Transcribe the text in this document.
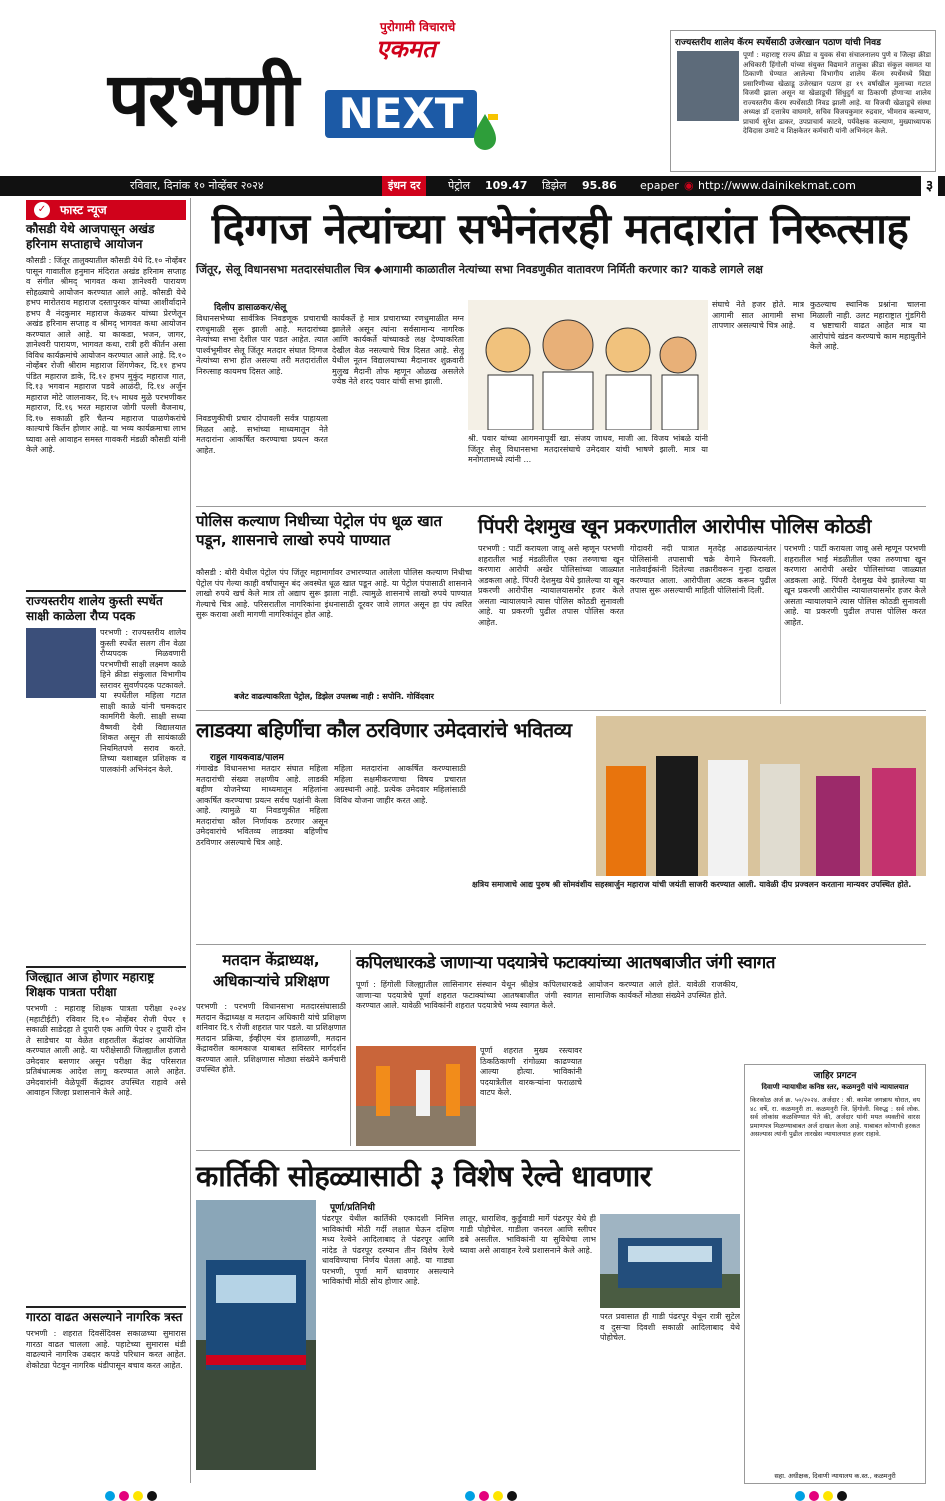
पुरोगामी विचाराचे
एकमत
परभणी NEXT
रविवार, दिनांक १० नोव्हेंबर २०२४	इंधन दर	पेट्रोल 109.47 डिझेल 95.86 epaper ◉ http://www.dainikekmat.com	३
राज्यस्तरीय शालेय कॅरम स्पर्धेसाठी उजेरखान पठाण यांची निवड
पूर्णा : महाराष्ट्र राज्य क्रीडा व युवक सेवा संचालनालय पुणे व जिल्हा क्रीडा अधिकारी हिंगोली यांच्या संयुक्त विद्यमाने तालुका क्रीडा संकुल वसमत या ठिकाणी घेण्यात आलेल्या विभागीय शालेय कॅरम स्पर्धेमध्ये विद्या प्रसारिणीच्या खेळाडू उजेरखान पठाण हा १९ वर्षाखील मुलाच्या गटात विजयी झाला असून या खेळाडूची सिंधुदुर्ग या ठिकाणी होणाऱ्या शालेय राज्यस्तरीय कॅरम स्पर्धेसाठी निवड झाली आहे. या विजयी खेळाडूचे संस्था अध्यक्ष डॉ दत्तात्रेय वाघमारे, सचिव विजयकुमार रुद्रवार, भीमराव कल्याण, प्राचार्य सुरेश ढाकर, उपप्राचार्य काटवे, पर्यवेक्षक कल्याण, मुख्याध्यापक देविदास उमाटे व शिक्षकेतर कर्मचारी यांनी अभिनंदन केले.
✓	फास्ट न्यूज
कौसडी येथे आजपासून अखंड हरिनाम सप्ताहाचे आयोजन
कौसडी : जिंतूर तालुक्यातील कौसडी येथे दि.१० नोव्हेंबर पासून गावातील हनुमान मंदिरात अखंड हरिनाम सप्ताह व संगीत श्रीमद् भागवत कथा ज्ञानेश्वरी पारायण सोहळ्याचे आयोजन करण्यात आले आहे. कौसडी येथे हभप मारोतराव महाराज दस्तापुरकर यांच्या आशीर्वादाने हभप वै नंदकुमार महाराज केळकर यांच्या प्रेरणेतून अखंड हरिनाम सप्ताह व श्रीमद् भागवत कथा आयोजन करण्यात आले आहे. या काकडा, भजन, जागर, ज्ञानेश्वरी पारायण, भागवत कथा, रात्री हरी कीर्तन असा विविध कार्यक्रमांचे आयोजन करण्यात आले आहे. दि.१० नोव्हेंबर रोजी श्रीराम महाराज शिंगणेकर, दि.११ हभप पंडित महाराज डाके, दि.१२ हभप मुकुंद महाराज गात, दि.१३ भगवान महाराज पडवे आळंदी, दि.१४ अर्जुन महाराज मोटे जालनाकर, दि.१५ माधव मुळे परभणीकर महाराज, दि.१६ भरत महाराज जोगी पल्ली वैजनाथ, दि.१७ सकाळी हरि चैतन्य महाराज पाळणेकरांचे काल्याचे किर्तन होणार आहे. या भव्य कार्यक्रमाचा लाभ घ्यावा असे आवाहन समस्त गावकरी मंडळी कौसडी यांनी केले आहे.
राज्यस्तरीय शालेय कुस्ती स्पर्धेत साक्षी काळेला रौप्य पदक
परभणी : राज्यस्तरीय शालेय कुस्ती स्पर्धेत सलग तीन वेळा रौप्यपदक मिळवणारी परभणीची साक्षी लक्ष्मण काळे हिने क्रीडा संकुलात विभागीय स्तरावर सुवर्णपदक पटकावले. या स्पर्धेतील महिला गटात साक्षी काळे यांनी चमकदार कामगिरी केली. साक्षी सध्या वैष्णवी देवी विद्यालयात शिकत असून ती सायंकाळी नियमितपणे सराव करते. तिच्या यशाबद्दल प्रशिक्षक व पालकांनी अभिनंदन केले.
जिल्ह्यात आज होणार महाराष्ट्र शिक्षक पात्रता परीक्षा
परभणी : महाराष्ट्र शिक्षक पात्रता परीक्षा २०२४ (महाटीईटी) रविवार दि.१० नोव्हेंबर रोजी पेपर १ सकाळी साडेदहा ते दुपारी एक आणि पेपर २ दुपारी दोन ते साडेचार या वेळेत शहरातील केंद्रांवर आयोजित करण्यात आली आहे. या परीक्षेसाठी जिल्ह्यातील हजारो उमेदवार बसणार असून परीक्षा केंद्र परिसरात प्रतिबंधात्मक आदेश लागू करण्यात आले आहेत. उमेदवारांनी वेळेपूर्वी केंद्रावर उपस्थित राहावे असे आवाहन जिल्हा प्रशासनाने केले आहे.
गारठा वाढत असल्याने नागरिक त्रस्त
परभणी : शहरात दिवसेंदिवस सकाळच्या सुमारास गारठा वाढत चालला आहे. पहाटेच्या सुमारास थंडी वाढल्याने नागरिक उबदार कपडे परिधान करत आहेत. शेकोट्या पेटवून नागरिक थंडीपासून बचाव करत आहेत.
दिग्गज नेत्यांच्या सभेनंतरही मतदारांत निरूत्साह
जिंतूर, सेलू विधानसभा मतदारसंघातील चित्र ◆आगामी काळातील नेत्यांच्या सभा निवडणुकीत वातावरण निर्मिती करणार का? याकडे लागले लक्ष
दिलीप डासाळकर/सेलू
विधानसभेच्या सार्वत्रिक निवडणूक प्रचाराची रणधुमाळी सुरू झाली आहे. मतदारांच्या नेत्यांच्या सभा देशील पार पडत आहेत. त्यात पार्श्वभूमीवर सेलू जिंतूर मतदार संघात दिग्गज नेत्यांच्या सभा होत असल्या तरी मतदारांतील निरुत्साह कायमच दिसत आहे.
निवडणुकीची प्रचार दोपावली सर्वत्र पाहायला मिळत आहे. सभांच्या माध्यमातून नेते मतदारांना आकर्षित करण्याचा प्रयत्न करत आहेत.
कार्यकर्ते हे मात्र प्रचाराच्या रणधुमाळीत मग्न झालेले असून त्यांना सर्वसामान्य नागरिक आणि कार्यकर्ते यांच्याकडे लक्ष देण्याकरिता देखील वेळ नसल्याचे चित्र दिसत आहे. सेलू येथील नूतन विद्यालयाच्या मैदानावर शुक्रवारी मुलुख मैदानी तोफ म्हणून ओळख असलेले ज्येष्ठ नेते शरद पवार यांची सभा झाली.
श्री. पवार यांच्या आगमनापूर्वी खा. संजय जाधव, माजी आ. विजय भांबळे यांनी जिंतूर सेलू विधानसभा मतदारसंघाचे उमेदवार यांची भाषणे झाली. मात्र या मनोगतामध्ये त्यांनी ...
संघाचे नेते हजर होते. मात्र आगामी सात आगामी सभा तापणार असल्याचे चित्र आहे.
कुठल्याच स्थानिक प्रश्नांना चालना मिळाली नाही. उलट महाराष्ट्रात गुंडगिरी व भ्रष्टाचारी वाढत आहेत मात्र या आरोपांचे खंडन करण्याचे काम महायुतीने केले आहे.
पोलिस कल्याण निधीच्या पेट्रोल पंप धूळ खात पडून, शासनाचे लाखो रुपये पाण्यात
कौसडी : बोरी येथील पेट्रोल पंप जिंतूर महामार्गावर उभारण्यात आलेला पोलिस कल्याण निधीचा पेट्रोल पंप गेल्या काही वर्षांपासून बंद अवस्थेत धूळ खात पडून आहे. या पेट्रोल पंपासाठी शासनाने लाखो रुपये खर्च केले मात्र तो अद्याप सुरू झाला नाही. त्यामुळे शासनाचे लाखो रुपये पाण्यात गेल्याचे चित्र आहे. परिसरातील नागरिकांना इंधनासाठी दूरवर जावे लागत असून हा पंप त्वरित सुरू करावा अशी मागणी नागरिकांतून होत आहे.
बजेट वाढल्याकरिता पेट्रोल, डिझेल उपलब्ध नाही : सपोनि. गोविंदवार
पिंपरी देशमुख खून प्रकरणातील आरोपीस पोलिस कोठडी
परभणी : पार्टी करायला जावू असे म्हणून परभणी शहरातील भाई मंडळीतील एका तरुणाचा खून करणारा आरोपी अखेर पोलिसांच्या जाळ्यात अडकला आहे. पिंपरी देशमुख येथे झालेल्या या खून प्रकरणी आरोपीस न्यायालयासमोर हजर केले असता न्यायालयाने त्यास पोलिस कोठडी सुनावली आहे. या प्रकरणी पुढील तपास पोलिस करत आहेत.
गोदावरी नदी पात्रात मृतदेह आढळल्यानंतर पोलिसांनी तपासाची चक्रे वेगाने फिरवली. नातेवाईकांनी दिलेल्या तक्रारीवरून गुन्हा दाखल करण्यात आला. आरोपीला अटक करून पुढील तपास सुरू असल्याची माहिती पोलिसांनी दिली.
परभणी : पार्टी करायला जावू असे म्हणून परभणी शहरातील भाई मंडळीतील एका तरुणाचा खून करणारा आरोपी अखेर पोलिसांच्या जाळ्यात अडकला आहे. पिंपरी देशमुख येथे झालेल्या या खून प्रकरणी आरोपीस न्यायालयासमोर हजर केले असता न्यायालयाने त्यास पोलिस कोठडी सुनावली आहे. या प्रकरणी पुढील तपास पोलिस करत आहेत.
लाडक्या बहिणींचा कौल ठरविणार उमेदवारांचे भवितव्य
राहुल गायकवाड/पालम
गंगाखेड विधानसभा मतदार संघात महिला मतदारांची संख्या लक्षणीय आहे. लाडकी बहीण योजनेच्या माध्यमातून महिलांना आकर्षित करण्याचा प्रयत्न सर्वच पक्षांनी केला आहे. त्यामुळे या निवडणुकीत महिला मतदारांचा कौल निर्णायक ठरणार असून उमेदवारांचे भवितव्य लाडक्या बहिणीच ठरविणार असल्याचे चित्र आहे.
महिला मतदारांना आकर्षित करण्यासाठी महिला सक्षमीकरणाचा विषय प्रचारात अग्रस्थानी आहे. प्रत्येक उमेदवार महिलांसाठी विविध योजना जाहीर करत आहे.
क्षत्रिय समाजाचे आद्य पुरुष श्री सोमवंशीय सहस्त्रार्जुन महाराज यांची जयंती साजरी करण्यात आली. यावेळी दीप प्रज्वलन करताना मान्यवर उपस्थित होते.
मतदान केंद्राध्यक्ष, अधिकाऱ्यांचे प्रशिक्षण
परभणी : परभणी विधानसभा मतदारसंघासाठी मतदान केंद्राध्यक्ष व मतदान अधिकारी यांचे प्रशिक्षण शनिवार दि.९ रोजी शहरात पार पडले. या प्रशिक्षणात मतदान प्रक्रिया, ईव्हीएम यंत्र हाताळणी, मतदान केंद्रावरील कामकाज याबाबत सविस्तर मार्गदर्शन करण्यात आले. प्रशिक्षणास मोठ्या संख्येने कर्मचारी उपस्थित होते.
कपिलधारकडे जाणाऱ्या पदयात्रेचे फटाक्यांच्या आतषबाजीत जंगी स्वागत
पूर्णा : हिंगोली जिल्ह्यातील लासिनागर संस्थान येथून श्रीक्षेत्र कपिलधारकडे जाणाऱ्या पदयात्रेचे पूर्णा शहरात फटाक्यांच्या आतषबाजीत जंगी स्वागत करण्यात आले. यावेळी भाविकांनी शहरात पदयात्रेचे भव्य स्वागत केले.
पूर्णा शहरात मुख्य रस्त्यावर ठिकठिकाणी रांगोळ्या काढण्यात आल्या होत्या. भाविकांनी पदयात्रेतील वारकऱ्यांना फराळाचे वाटप केले.
आयोजन करण्यात आले होते. यावेळी राजकीय, सामाजिक कार्यकर्ते मोठ्या संख्येने उपस्थित होते.
जाहिर प्रगटन
दिवाणी न्यायाधीश कनिष्ठ स्तर, कळमनुरी यांचे न्यायालयात
किरकोळ अर्ज क्र. ५०/२०२४. अर्जदार : श्री. कामेश जगन्नाथ थोरात, वय ४८ वर्षे, रा. कळमनुरी ता. कळमनुरी जि. हिंगोली. विरुद्ध : सर्व लोक. सर्व लोकांस कळविण्यात येते की, अर्जदार यांनी मयत व्यक्तीचे वारस प्रमाणपत्र मिळण्याबाबत अर्ज दाखल केला आहे. याबाबत कोणाची हरकत असल्यास त्यांनी पुढील तारखेस न्यायालयात हजर राहावे.
सहा. अधीक्षक, दिवाणी न्यायालय क.स्त., कळमनुरी
कार्तिकी सोहळ्यासाठी ३ विशेष रेल्वे धावणार
पूर्णा/प्रतिनिधी
पंढरपूर येथील कार्तिकी एकादशी निमित्त भाविकांची मोठी गर्दी लक्षात घेऊन दक्षिण मध्य रेल्वेने आदिलाबाद ते पंढरपूर आणि नांदेड ते पंढरपूर दरम्यान तीन विशेष रेल्वे धावविण्याचा निर्णय घेतला आहे. या गाड्या परभणी, पूर्णा मार्गे धावणार असल्याने भाविकांची मोठी सोय होणार आहे.
लातूर, धाराशिव, कुर्डुवाडी मार्गे पंढरपूर येथे ही गाडी पोहोचेल. गाडीला जनरल आणि स्लीपर डबे असतील. भाविकांनी या सुविधेचा लाभ घ्यावा असे आवाहन रेल्वे प्रशासनाने केले आहे.
परत प्रवासात ही गाडी पंढरपूर येथून रात्री सुटेल व दुसऱ्या दिवशी सकाळी आदिलाबाद येथे पोहोचेल.
